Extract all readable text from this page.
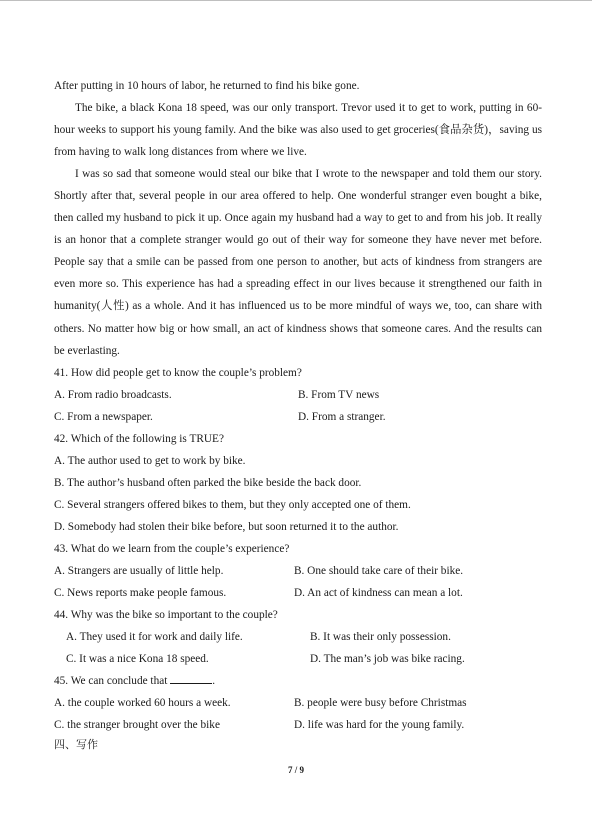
After putting in 10 hours of labor, he returned to find his bike gone.
The bike, a black Kona 18 speed, was our only transport. Trevor used it to get to work, putting in 60-hour weeks to support his young family. And the bike was also used to get groceries(食品杂货)，saving us from having to walk long distances from where we live.
I was so sad that someone would steal our bike that I wrote to the newspaper and told them our story. Shortly after that, several people in our area offered to help. One wonderful stranger even bought a bike, then called my husband to pick it up. Once again my husband had a way to get to and from his job. It really is an honor that a complete stranger would go out of their way for someone they have never met before. People say that a smile can be passed from one person to another, but acts of kindness from strangers are even more so. This experience has had a spreading effect in our lives because it strengthened our faith in humanity(人性) as a whole. And it has influenced us to be more mindful of ways we, too, can share with others. No matter how big or how small, an act of kindness shows that someone cares. And the results can be everlasting.
41. How did people get to know the couple’s problem?
A. From radio broadcasts.	B. From TV news
C. From a newspaper.	D. From a stranger.
42. Which of the following is TRUE?
A. The author used to get to work by bike.
B. The author’s husband often parked the bike beside the back door.
C. Several strangers offered bikes to them, but they only accepted one of them.
D. Somebody had stolen their bike before, but soon returned it to the author.
43. What do we learn from the couple’s experience?
A. Strangers are usually of little help.	B. One should take care of their bike.
C. News reports make people famous.	D. An act of kindness can mean a lot.
44. Why was the bike so important to the couple?
A. They used it for work and daily life.	B. It was their only possession.
C. It was a nice Kona 18 speed.	D. The man’s job was bike racing.
45. We can conclude that	.
A. the couple worked 60 hours a week.	B. people were busy before Christmas
C. the stranger brought over the bike	D. life was hard for the young family.
四、写作
7 / 9
